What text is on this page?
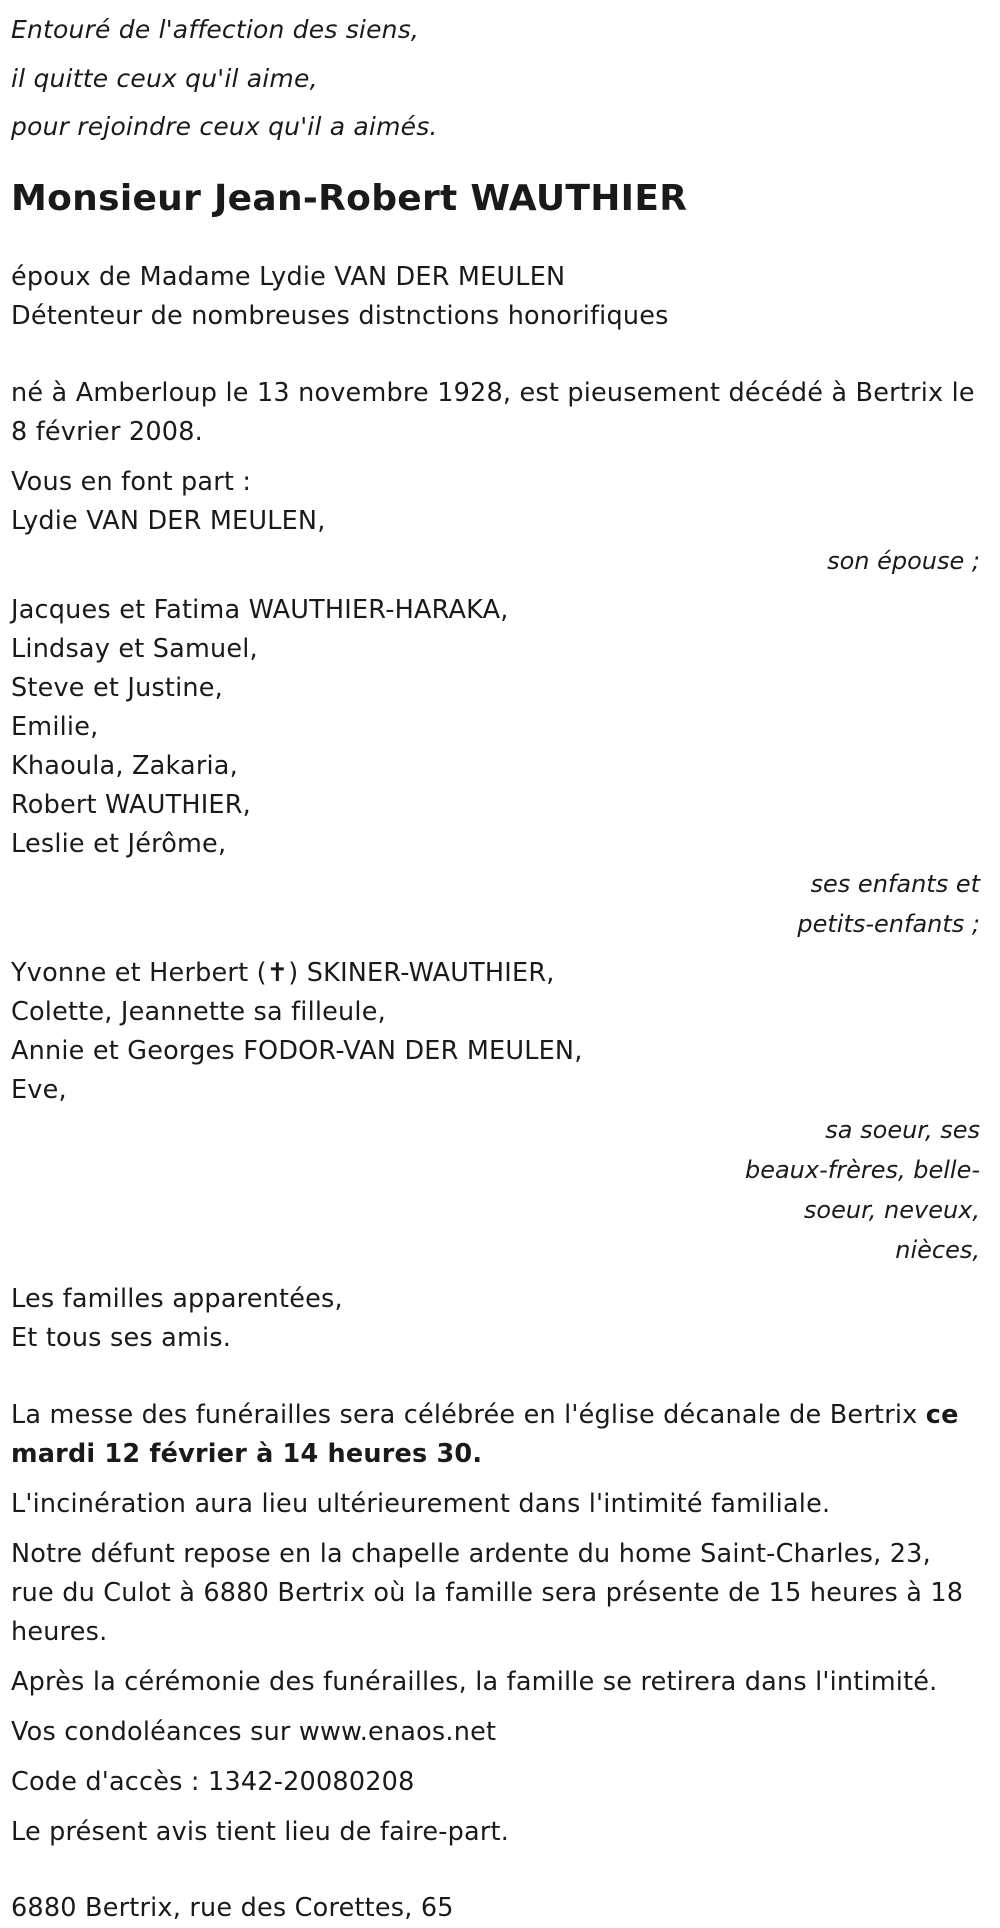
Entouré de l'affection des siens,

il quitte ceux qu'il aime,

pour rejoindre ceux qu'il a aimés.

Monsieur Jean-Robert WAUTHIER
époux de Madame Lydie VAN DER MEULEN
Détenteur de nombreuses distnctions honorifiques
né à Amberloup le 13 novembre 1928, est pieusement décédé à Bertrix le 8 février 2008.
Vous en font part :
Lydie VAN DER MEULEN,
son épouse ;
Jacques et Fatima WAUTHIER-HARAKA,
Lindsay et Samuel,
Steve et Justine,
Emilie,
Khaoula, Zakaria,
Robert WAUTHIER,
Leslie et Jérôme,
ses enfants et petits-enfants ;
Yvonne et Herbert (✝) SKINER-WAUTHIER,
Colette, Jeannette sa filleule,
Annie et Georges FODOR-VAN DER MEULEN,
Eve,
sa soeur, ses beaux-frères, belle-soeur, neveux, nièces,
Les familles apparentées,
Et tous ses amis.
La messe des funérailles sera célébrée en l'église décanale de Bertrix ce mardi 12 février à 14 heures 30.
L'incinération aura lieu ultérieurement dans l'intimité familiale.
Notre défunt repose en la chapelle ardente du home Saint-Charles, 23, rue du Culot à 6880 Bertrix où la famille sera présente de 15 heures à 18 heures.
Après la cérémonie des funérailles, la famille se retirera dans l'intimité.
Vos condoléances sur www.enaos.net
Code d'accès : 1342-20080208
Le présent avis tient lieu de faire-part.
6880 Bertrix, rue des Corettes, 65
